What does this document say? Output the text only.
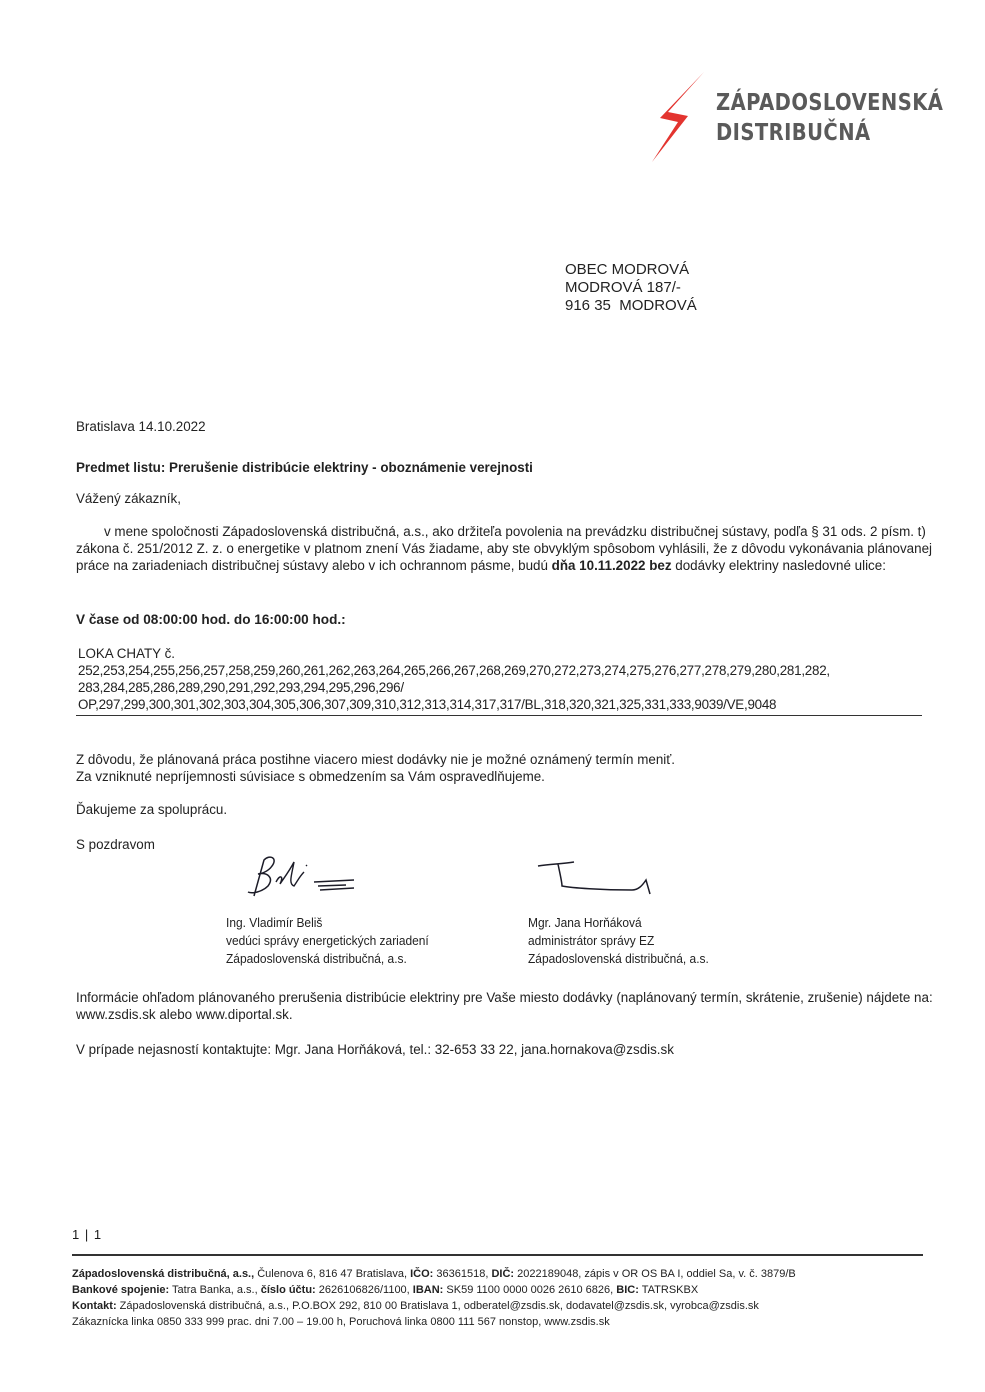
ZÁPADOSLOVENSKÁ
DISTRIBUČNÁ
OBEC MODROVÁ
MODROVÁ 187/-
916 35  MODROVÁ
Bratislava 14.10.2022
Predmet listu: Prerušenie distribúcie elektriny - oboznámenie verejnosti
Vážený zákazník,
v mene spoločnosti Západoslovenská distribučná, a.s., ako držiteľa povolenia na prevádzku distribučnej sústavy, podľa § 31 ods. 2 písm. t) zákona č. 251/2012 Z. z. o energetike v platnom znení Vás žiadame, aby ste obvyklým spôsobom vyhlásili, že z dôvodu vykonávania plánovanej práce na zariadeniach distribučnej sústavy alebo v ich ochrannom pásme, budú dňa 10.11.2022 bez dodávky elektriny nasledovné ulice:
V čase od 08:00:00 hod. do 16:00:00 hod.:
LOKA CHATY č.
252,253,254,255,256,257,258,259,260,261,262,263,264,265,266,267,268,269,270,272,273,274,275,276,277,278,279,280,281,282,
283,284,285,286,289,290,291,292,293,294,295,296,296/
OP,297,299,300,301,302,303,304,305,306,307,309,310,312,313,314,317,317/BL,318,320,321,325,331,333,9039/VE,9048
Z dôvodu, že plánovaná práca postihne viacero miest dodávky nie je možné oznámený termín meniť.
Za vzniknuté nepríjemnosti súvisiace s obmedzením sa Vám ospravedlňujeme.
Ďakujeme za spoluprácu.
S pozdravom
Ing. Vladimír Beliš
vedúci správy energetických zariadení
Západoslovenská distribučná, a.s.
Mgr. Jana Horňáková
administrátor správy EZ
Západoslovenská distribučná, a.s.
Informácie ohľadom plánovaného prerušenia distribúcie elektriny pre Vaše miesto dodávky (naplánovaný termín, skrátenie, zrušenie) nájdete na: www.zsdis.sk alebo www.diportal.sk.
V prípade nejasností kontaktujte: Mgr. Jana Horňáková, tel.: 32-653 33 22, jana.hornakova@zsdis.sk
1 | 1
Západoslovenská distribučná, a.s., Čulenova 6, 816 47 Bratislava, IČO: 36361518, DIČ: 2022189048, zápis v OR OS BA I, oddiel Sa, v. č. 3879/B
Bankové spojenie: Tatra Banka, a.s., číslo účtu: 2626106826/1100, IBAN: SK59 1100 0000 0026 2610 6826, BIC: TATRSKBX
Kontakt: Západoslovenská distribučná, a.s., P.O.BOX 292, 810 00 Bratislava 1, odberatel@zsdis.sk, dodavatel@zsdis.sk, vyrobca@zsdis.sk
Zákaznícka linka 0850 333 999 prac. dni 7.00 – 19.00 h, Poruchová linka 0800 111 567 nonstop, www.zsdis.sk
